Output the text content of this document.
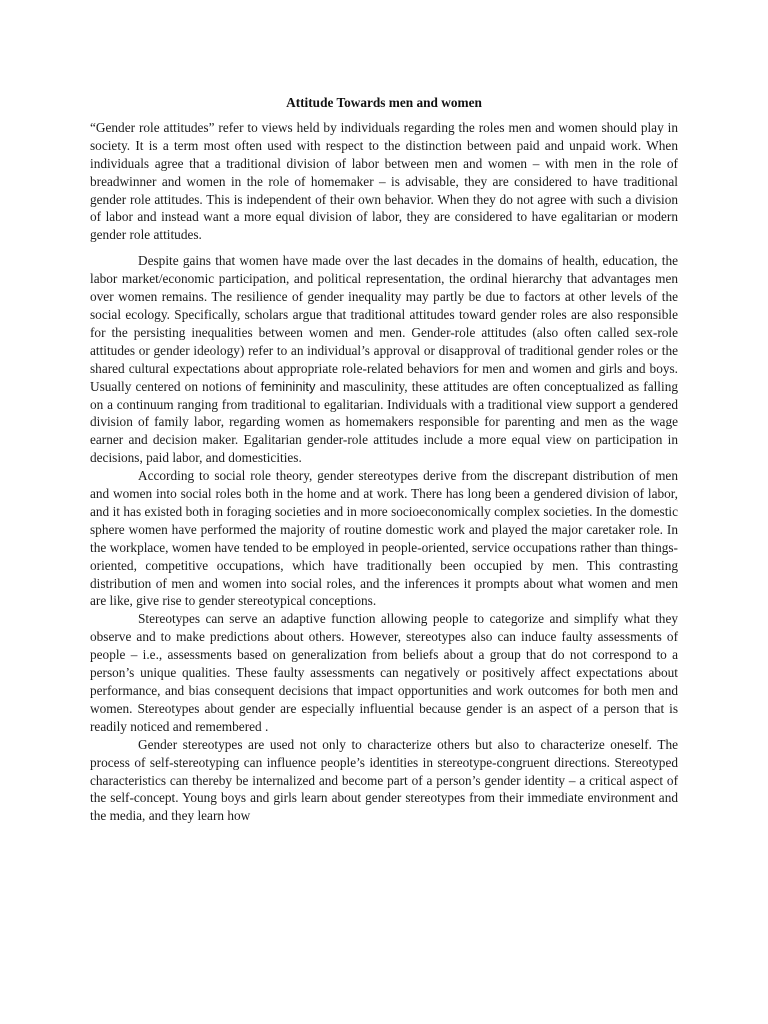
Attitude Towards men and women

“Gender role attitudes” refer to views held by individuals regarding the roles men and women should play in society. It is a term most often used with respect to the distinction between paid and unpaid work. When individuals agree that a traditional division of labor between men and women – with men in the role of breadwinner and women in the role of homemaker – is advisable, they are considered to have traditional gender role attitudes. This is independent of their own behavior. When they do not agree with such a division of labor and instead want a more equal division of labor, they are considered to have egalitarian or modern gender role attitudes.

Despite gains that women have made over the last decades in the domains of health, education, the labor market/economic participation, and political representation, the ordinal hierarchy that advantages men over women remains. The resilience of gender inequality may partly be due to factors at other levels of the social ecology. Specifically, scholars argue that traditional attitudes toward gender roles are also responsible for the persisting inequalities between women and men. Gender-role attitudes (also often called sex-role attitudes or gender ideology) refer to an individual’s approval or disapproval of traditional gender roles or the shared cultural expectations about appropriate role-related behaviors for men and women and girls and boys. Usually centered on notions of femininity and masculinity, these attitudes are often conceptualized as falling on a continuum ranging from traditional to egalitarian. Individuals with a traditional view support a gendered division of family labor, regarding women as homemakers responsible for parenting and men as the wage earner and decision maker. Egalitarian gender-role attitudes include a more equal view on participation in decisions, paid labor, and domesticities.

According to social role theory, gender stereotypes derive from the discrepant distribution of men and women into social roles both in the home and at work. There has long been a gendered division of labor, and it has existed both in foraging societies and in more socioeconomically complex societies. In the domestic sphere women have performed the majority of routine domestic work and played the major caretaker role. In the workplace, women have tended to be employed in people-oriented, service occupations rather than things-oriented, competitive occupations, which have traditionally been occupied by men. This contrasting distribution of men and women into social roles, and the inferences it prompts about what women and men are like, give rise to gender stereotypical conceptions.

Stereotypes can serve an adaptive function allowing people to categorize and simplify what they observe and to make predictions about others. However, stereotypes also can induce faulty assessments of people – i.e., assessments based on generalization from beliefs about a group that do not correspond to a person’s unique qualities. These faulty assessments can negatively or positively affect expectations about performance, and bias consequent decisions that impact opportunities and work outcomes for both men and women. Stereotypes about gender are especially influential because gender is an aspect of a person that is readily noticed and remembered .

Gender stereotypes are used not only to characterize others but also to characterize oneself. The process of self-stereotyping can influence people’s identities in stereotype-congruent directions. Stereotyped characteristics can thereby be internalized and become part of a person’s gender identity – a critical aspect of the self-concept. Young boys and girls learn about gender stereotypes from their immediate environment and the media, and they learn how
